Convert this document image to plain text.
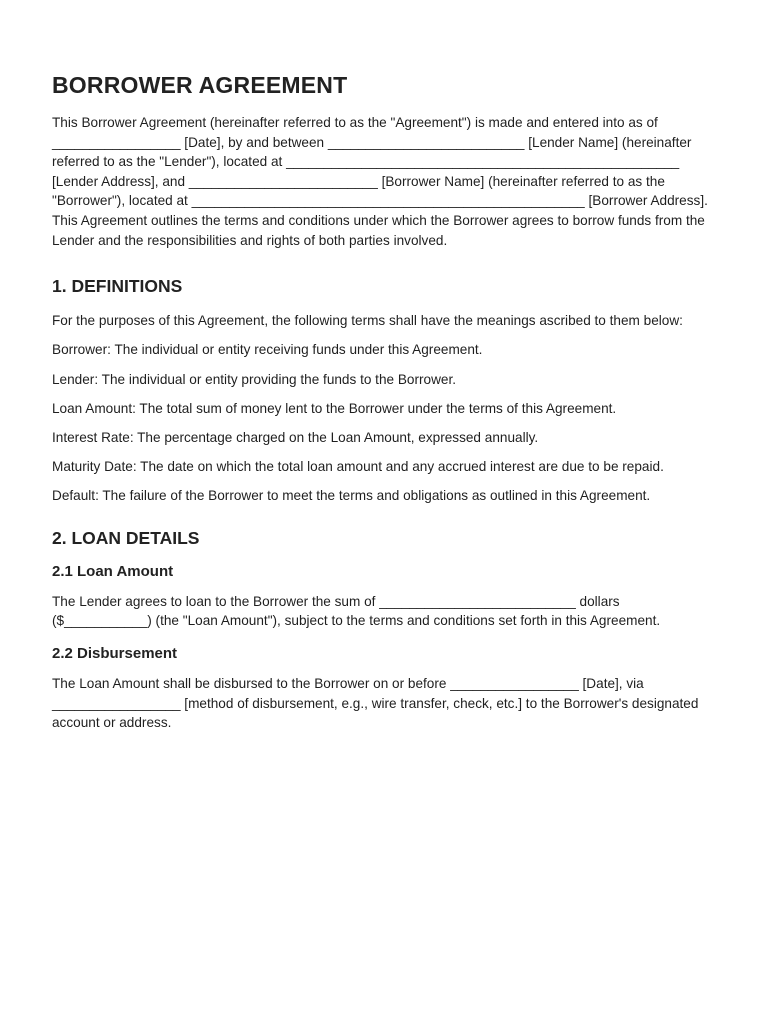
BORROWER AGREEMENT

This Borrower Agreement (hereinafter referred to as the "Agreement") is made and entered into as of _________________ [Date], by and between __________________________ [Lender Name] (hereinafter referred to as the "Lender"), located at ____________________________________________________ [Lender Address], and _________________________ [Borrower Name] (hereinafter referred to as the "Borrower"), located at ____________________________________________________ [Borrower Address]. This Agreement outlines the terms and conditions under which the Borrower agrees to borrow funds from the Lender and the responsibilities and rights of both parties involved.

1. DEFINITIONS

For the purposes of this Agreement, the following terms shall have the meanings ascribed to them below:

Borrower: The individual or entity receiving funds under this Agreement.

Lender: The individual or entity providing the funds to the Borrower.

Loan Amount: The total sum of money lent to the Borrower under the terms of this Agreement.

Interest Rate: The percentage charged on the Loan Amount, expressed annually.

Maturity Date: The date on which the total loan amount and any accrued interest are due to be repaid.

Default: The failure of the Borrower to meet the terms and obligations as outlined in this Agreement.

2. LOAN DETAILS
2.1 Loan Amount

The Lender agrees to loan to the Borrower the sum of __________________________ dollars ($___________) (the "Loan Amount"), subject to the terms and conditions set forth in this Agreement.

2.2 Disbursement

The Loan Amount shall be disbursed to the Borrower on or before _________________ [Date], via _________________ [method of disbursement, e.g., wire transfer, check, etc.] to the Borrower's designated account or address.
